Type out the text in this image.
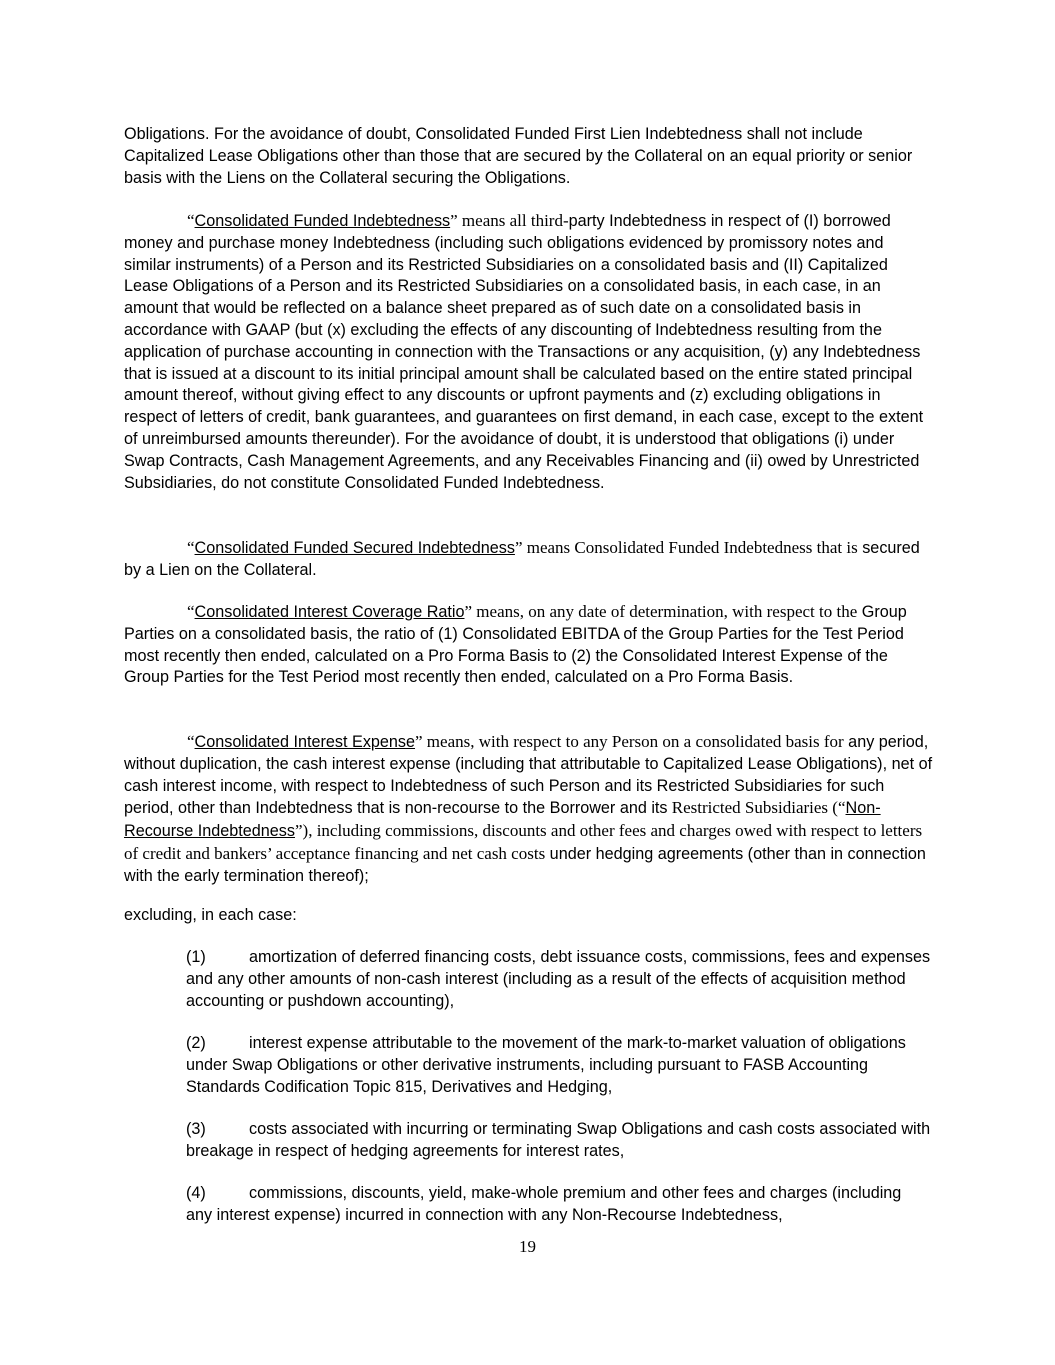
Obligations. For the avoidance of doubt, Consolidated Funded First Lien Indebtedness shall not include Capitalized Lease Obligations other than those that are secured by the Collateral on an equal priority or senior basis with the Liens on the Collateral securing the Obligations.

“Consolidated Funded Indebtedness” means all third-party Indebtedness in respect of (I) borrowed money and purchase money Indebtedness (including such obligations evidenced by promissory notes and similar instruments) of a Person and its Restricted Subsidiaries on a consolidated basis and (II) Capitalized Lease Obligations of a Person and its Restricted Subsidiaries on a consolidated basis, in each case, in an amount that would be reflected on a balance sheet prepared as of such date on a consolidated basis in accordance with GAAP (but (x) excluding the effects of any discounting of Indebtedness resulting from the application of purchase accounting in connection with the Transactions or any acquisition, (y) any Indebtedness that is issued at a discount to its initial principal amount shall be calculated based on the entire stated principal amount thereof, without giving effect to any discounts or upfront payments and (z) excluding obligations in respect of letters of credit, bank guarantees, and guarantees on first demand, in each case, except to the extent of unreimbursed amounts thereunder). For the avoidance of doubt, it is understood that obligations (i) under Swap Contracts, Cash Management Agreements, and any Receivables Financing and (ii) owed by Unrestricted Subsidiaries, do not constitute Consolidated Funded Indebtedness.

“Consolidated Funded Secured Indebtedness” means Consolidated Funded Indebtedness that is secured by a Lien on the Collateral.

“Consolidated Interest Coverage Ratio” means, on any date of determination, with respect to the Group Parties on a consolidated basis, the ratio of (1) Consolidated EBITDA of the Group Parties for the Test Period most recently then ended, calculated on a Pro Forma Basis to (2) the Consolidated Interest Expense of the Group Parties for the Test Period most recently then ended, calculated on a Pro Forma Basis.

“Consolidated Interest Expense” means, with respect to any Person on a consolidated basis for any period, without duplication, the cash interest expense (including that attributable to Capitalized Lease Obligations), net of cash interest income, with respect to Indebtedness of such Person and its Restricted Subsidiaries for such period, other than Indebtedness that is non-recourse to the Borrower and its Restricted Subsidiaries (“Non-Recourse Indebtedness”), including commissions, discounts and other fees and charges owed with respect to letters of credit and bankers’ acceptance financing and net cash costs under hedging agreements (other than in connection with the early termination thereof);

excluding, in each case:

(1)	amortization of deferred financing costs, debt issuance costs, commissions, fees and expenses and any other amounts of non-cash interest (including as a result of the effects of acquisition method accounting or pushdown accounting),

(2)	interest expense attributable to the movement of the mark-to-market valuation of obligations under Swap Obligations or other derivative instruments, including pursuant to FASB Accounting Standards Codification Topic 815, Derivatives and Hedging,

(3)	costs associated with incurring or terminating Swap Obligations and cash costs associated with breakage in respect of hedging agreements for interest rates,

(4)	commissions, discounts, yield, make-whole premium and other fees and charges (including any interest expense) incurred in connection with any Non-Recourse Indebtedness,

19
